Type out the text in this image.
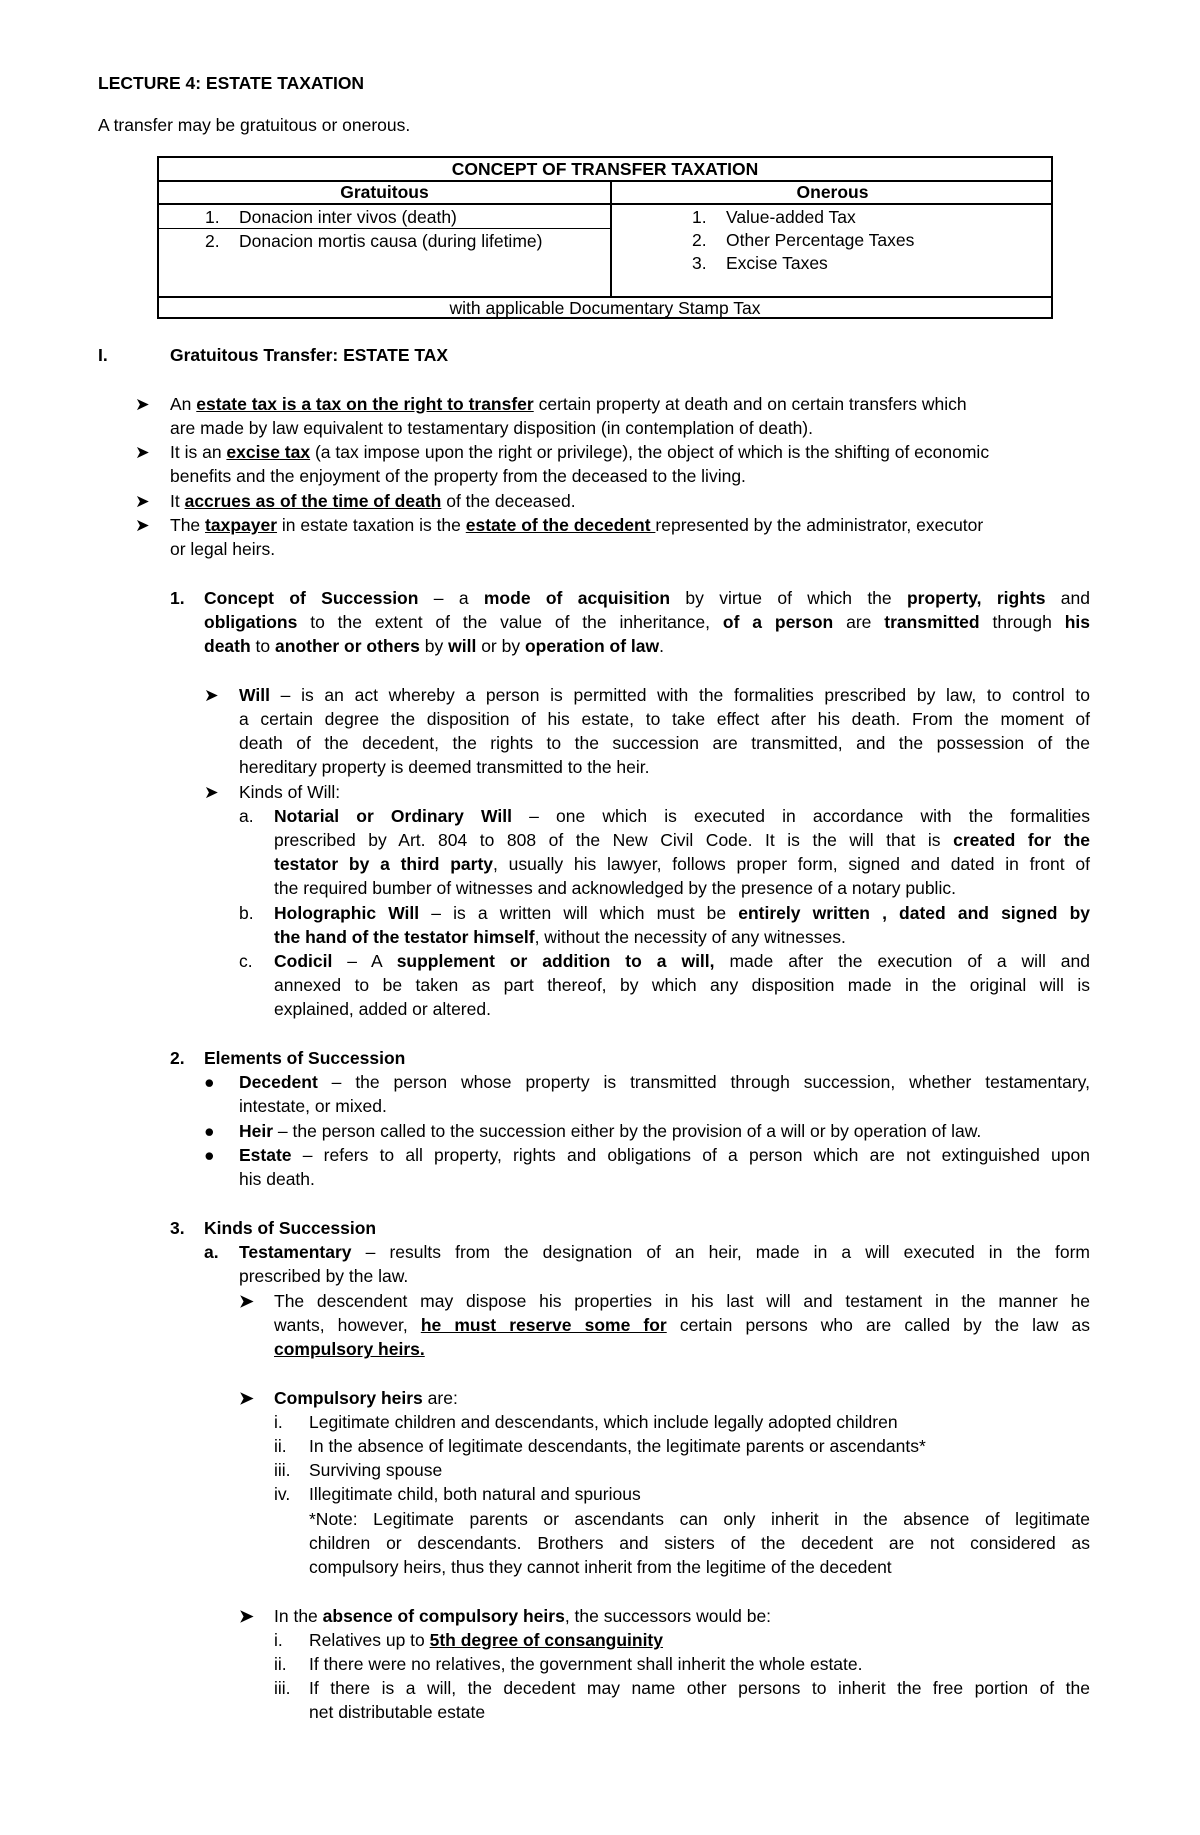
LECTURE 4: ESTATE TAXATION
A transfer may be gratuitous or onerous.
CONCEPT OF TRANSFER TAXATION
Gratuitous	Onerous
1. Donacion inter vivos (death)
2. Donacion mortis causa (during lifetime)
1. Value-added Tax
2. Other Percentage Taxes
3. Excise Taxes
with applicable Documentary Stamp Tax
I.	Gratuitous Transfer: ESTATE TAX
➤ An estate tax is a tax on the right to transfer certain property at death and on certain transfers which
are made by law equivalent to testamentary disposition (in contemplation of death).
➤ It is an excise tax (a tax impose upon the right or privilege), the object of which is the shifting of economic
benefits and the enjoyment of the property from the deceased to the living.
➤ It accrues as of the time of death of the deceased.
➤ The taxpayer in estate taxation is the estate of the decedent represented by the administrator, executor
or legal heirs.
1. Concept of Succession – a mode of acquisition by virtue of which the property, rights and
obligations to the extent of the value of the inheritance, of a person are transmitted through his
death to another or others by will or by operation of law.
➤ Will – is an act whereby a person is permitted with the formalities prescribed by law, to control to
a certain degree the disposition of his estate, to take effect after his death. From the moment of
death of the decedent, the rights to the succession are transmitted, and the possession of the
hereditary property is deemed transmitted to the heir.
➤ Kinds of Will:
a. Notarial or Ordinary Will – one which is executed in accordance with the formalities
prescribed by Art. 804 to 808 of the New Civil Code. It is the will that is created for the
testator by a third party, usually his lawyer, follows proper form, signed and dated in front of
the required bumber of witnesses and acknowledged by the presence of a notary public.
b. Holographic Will – is a written will which must be entirely written , dated and signed by
the hand of the testator himself, without the necessity of any witnesses.
c. Codicil – A supplement or addition to a will, made after the execution of a will and
annexed to be taken as part thereof, by which any disposition made in the original will is
explained, added or altered.
2. Elements of Succession
● Decedent – the person whose property is transmitted through succession, whether testamentary,
intestate, or mixed.
● Heir – the person called to the succession either by the provision of a will or by operation of law.
● Estate – refers to all property, rights and obligations of a person which are not extinguished upon
his death.
3. Kinds of Succession
a. Testamentary – results from the designation of an heir, made in a will executed in the form
prescribed by the law.
➤ The descendent may dispose his properties in his last will and testament in the manner he
wants, however, he must reserve some for certain persons who are called by the law as
compulsory heirs.
➤ Compulsory heirs are:
i. Legitimate children and descendants, which include legally adopted children
ii. In the absence of legitimate descendants, the legitimate parents or ascendants*
iii. Surviving spouse
iv. Illegitimate child, both natural and spurious
*Note: Legitimate parents or ascendants can only inherit in the absence of legitimate
children or descendants. Brothers and sisters of the decedent are not considered as
compulsory heirs, thus they cannot inherit from the legitime of the decedent
➤ In the absence of compulsory heirs, the successors would be:
i. Relatives up to 5th degree of consanguinity
ii. If there were no relatives, the government shall inherit the whole estate.
iii. If there is a will, the decedent may name other persons to inherit the free portion of the
net distributable estate
